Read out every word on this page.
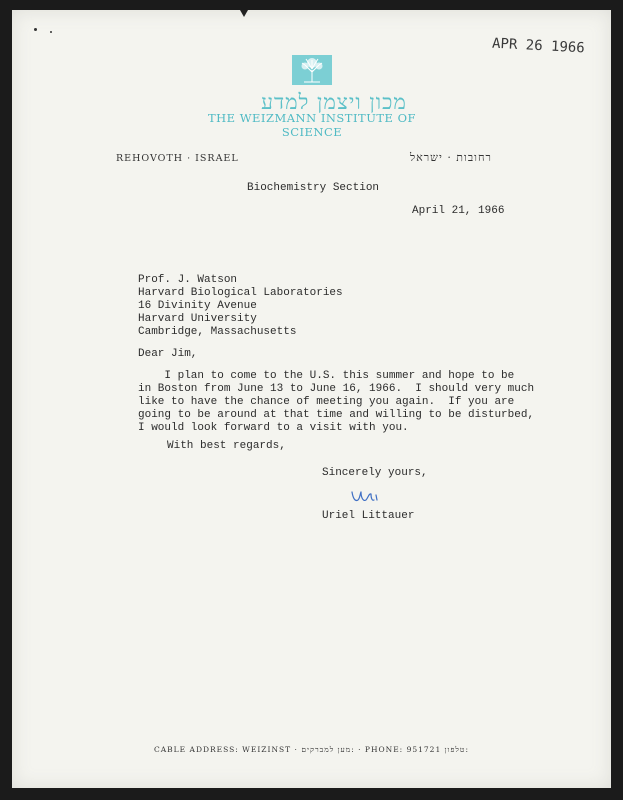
APR 26 1966
מכון ויצמן למדע
THE WEIZMANN INSTITUTE OF SCIENCE
REHOVOTH · ISRAEL	רחובות · ישראל
Biochemistry Section
April 21, 1966
Prof. J. Watson
Harvard Biological Laboratories
16 Divinity Avenue
Harvard University
Cambridge, Massachusetts
Dear Jim,
I plan to come to the U.S. this summer and hope to be
in Boston from June 13 to June 16, 1966.  I should very much
like to have the chance of meeting you again.  If you are
going to be around at that time and willing to be disturbed,
I would look forward to a visit with you.
With best regards,
Sincerely yours,
Uriel Littauer
CABLE ADDRESS: WEIZINST · מען למברקים: · PHONE: 951721 טלפון:
